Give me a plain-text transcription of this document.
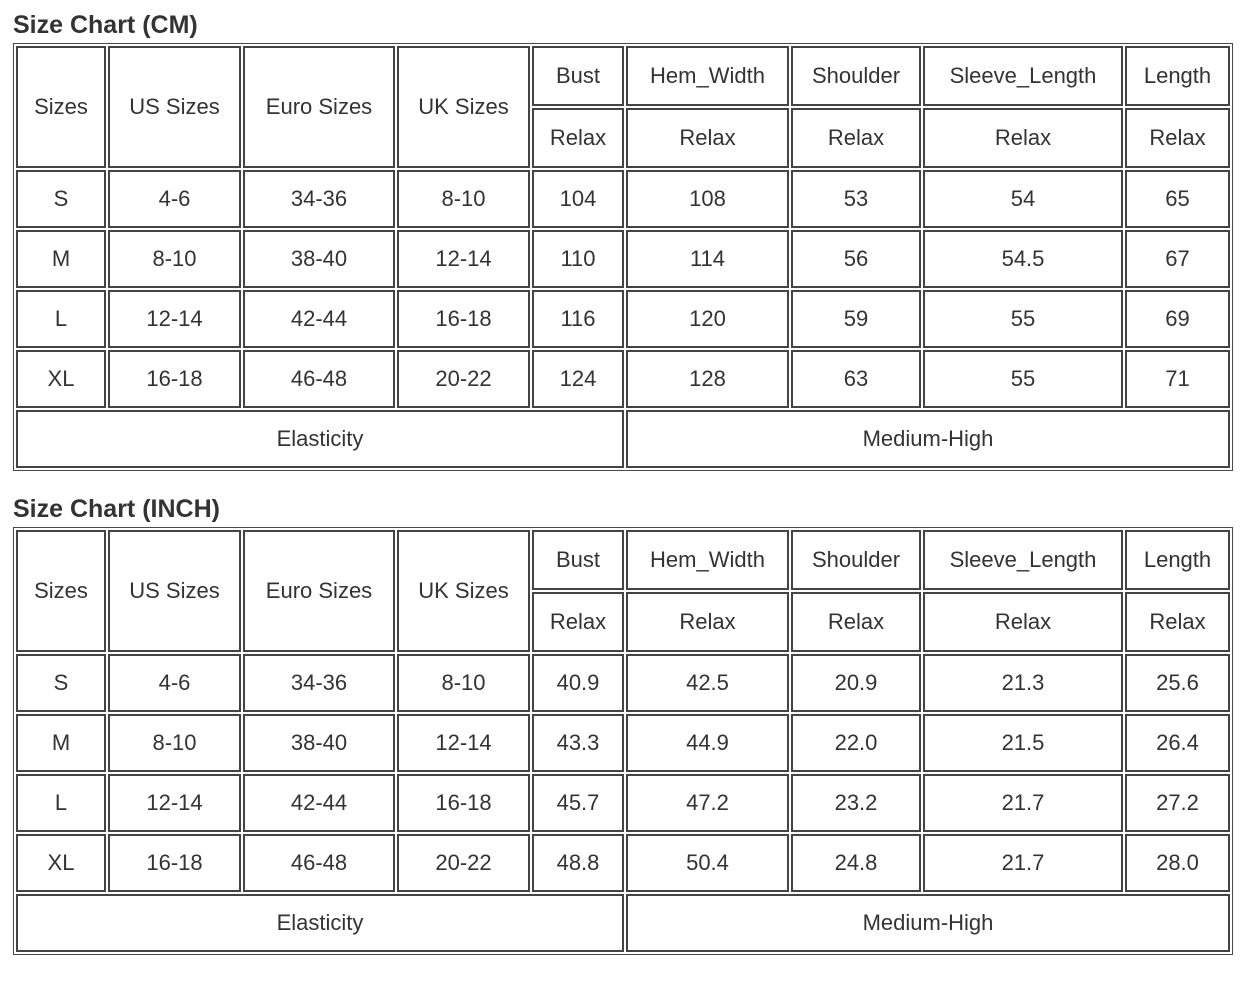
Size Chart (CM)
Sizes	US Sizes	Euro Sizes	UK Sizes	Bust	Hem_Width	Shoulder	Sleeve_Length	Length
				Relax	Relax	Relax	Relax	Relax
S	4-6	34-36	8-10	104	108	53	54	65
M	8-10	38-40	12-14	110	114	56	54.5	67
L	12-14	42-44	16-18	116	120	59	55	69
XL	16-18	46-48	20-22	124	128	63	55	71
Elasticity					Medium-High			
Size Chart (INCH)
Sizes	US Sizes	Euro Sizes	UK Sizes	Bust	Hem_Width	Shoulder	Sleeve_Length	Length
				Relax	Relax	Relax	Relax	Relax
S	4-6	34-36	8-10	40.9	42.5	20.9	21.3	25.6
M	8-10	38-40	12-14	43.3	44.9	22.0	21.5	26.4
L	12-14	42-44	16-18	45.7	47.2	23.2	21.7	27.2
XL	16-18	46-48	20-22	48.8	50.4	24.8	21.7	28.0
Elasticity					Medium-High			
